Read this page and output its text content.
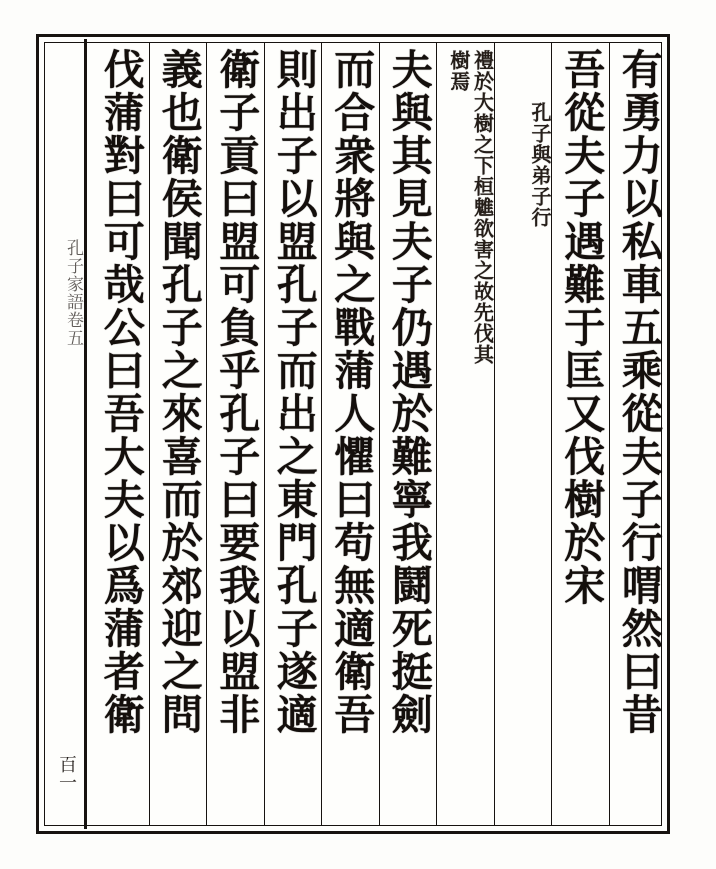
孔子家語卷五
百一
有勇力以私車五乘從夫子行喟然曰昔
吾從夫子遇難于匡又伐樹於宋
孔子與弟子行
禮於大樹之下桓魋欲害之故先伐其樹焉
夫與其見夫子仍遇於難寧我鬪死挺劍
而合衆將與之戰蒲人懼曰苟無適衛吾
則出子以盟孔子而出之東門孔子遂適
衛子貢曰盟可負乎孔子曰要我以盟非
義也衛侯聞孔子之來喜而於郊迎之問
伐蒲對曰可哉公曰吾大夫以爲蒲者衛
